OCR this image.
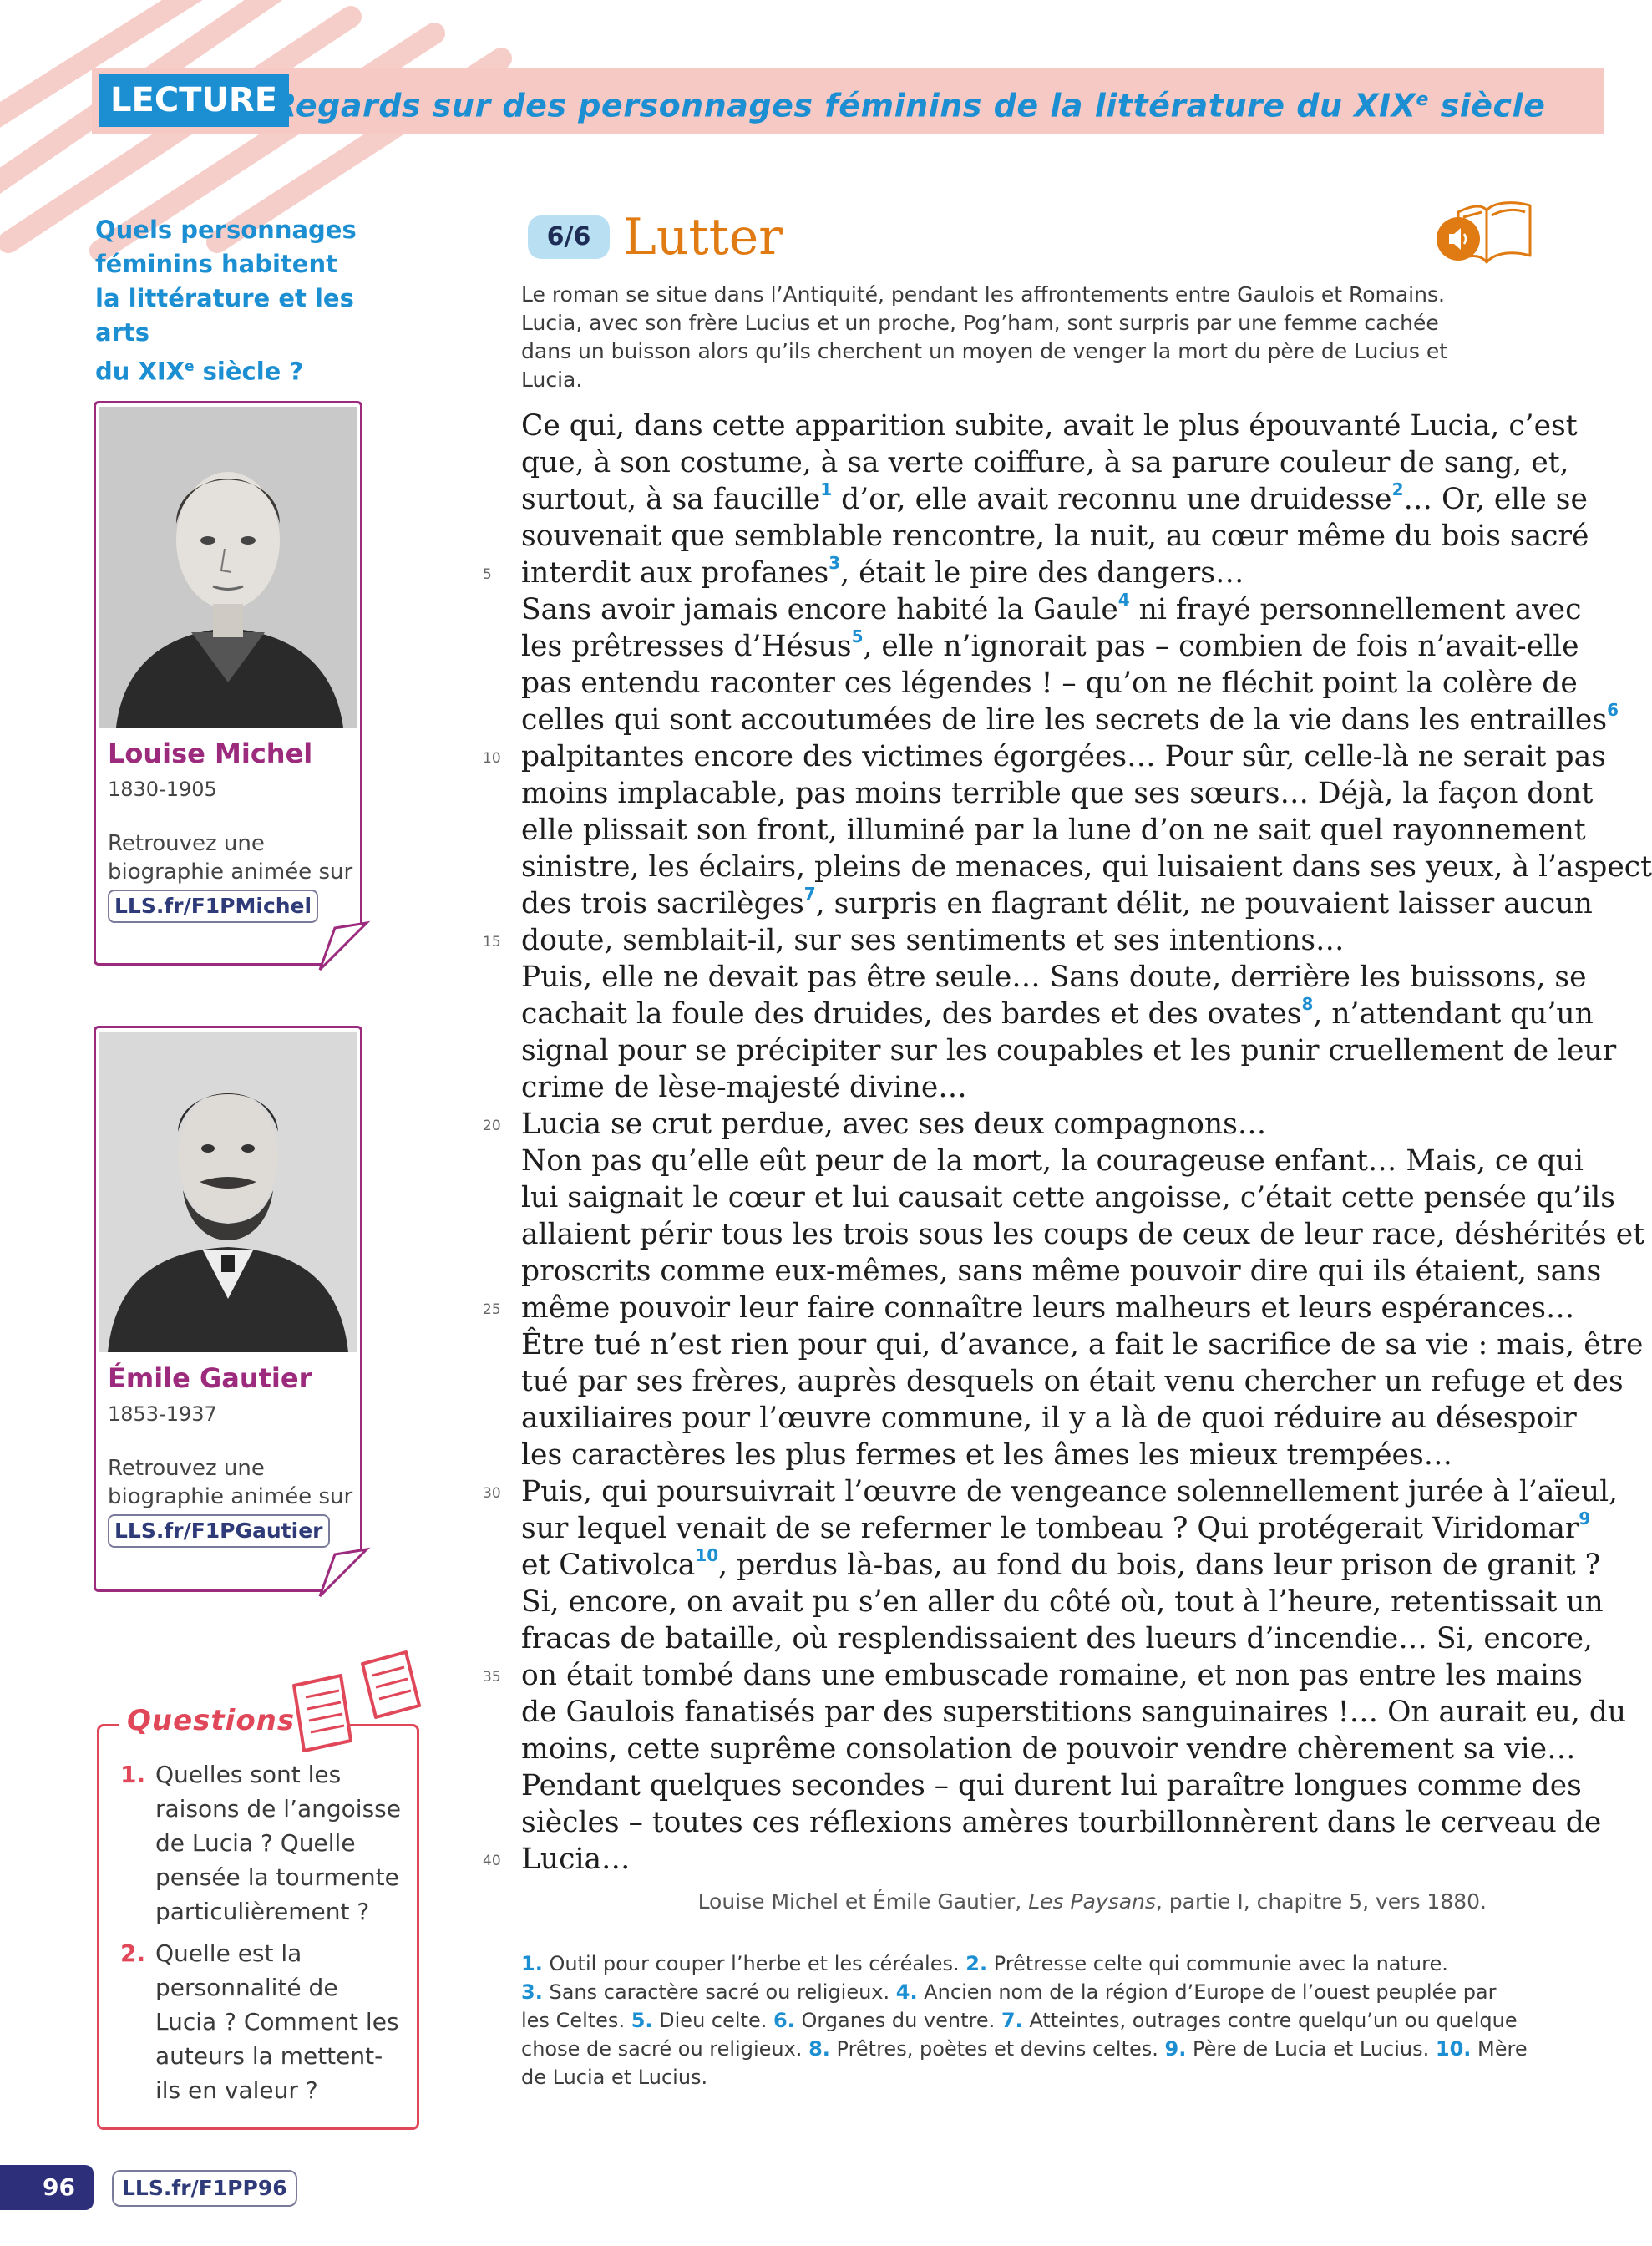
LECTURE
Regards sur des personnages féminins de la littérature du XIXe siècle
Quels personnages
féminins habitent
la littérature et les arts
du XIXe siècle ?
Louise Michel
1830-1905
Retrouvez une biographie animée sur
LLS.fr/F1PMichel
Émile Gautier
1853-1937
Retrouvez une biographie animée sur
LLS.fr/F1PGautier
Questions
1. Quelles sont les raisons de l’angoisse de Lucia ? Quelle pensée la tourmente particulièrement ?
2. Quelle est la personnalité de Lucia ? Comment les auteurs la mettent-ils en valeur ?
6/6 Lutter
Le roman se situe dans l’Antiquité, pendant les affrontements entre Gaulois et Romains. Lucia, avec son frère Lucius et un proche, Pog’ham, sont surpris par une femme cachée dans un buisson alors qu’ils cherchent un moyen de venger la mort du père de Lucius et Lucia.
Ce qui, dans cette apparition subite, avait le plus épouvanté Lucia, c’est
que, à son costume, à sa verte coiffure, à sa parure couleur de sang, et,
surtout, à sa faucille$^1$ d’or, elle avait reconnu une druidesse$^2$… Or, elle se
souvenait que semblable rencontre, la nuit, au cœur même du bois sacré
interdit aux profanes$^3$, était le pire des dangers…
Sans avoir jamais encore habité la Gaule$^4$ ni frayé personnellement avec
les prêtresses d’Hésus$^5$, elle n’ignorait pas – combien de fois n’avait-elle
pas entendu raconter ces légendes ! – qu’on ne fléchit point la colère de
celles qui sont accoutumées de lire les secrets de la vie dans les entrailles$^6$
palpitantes encore des victimes égorgées… Pour sûr, celle-là ne serait pas
moins implacable, pas moins terrible que ses sœurs… Déjà, la façon dont
elle plissait son front, illuminé par la lune d’on ne sait quel rayonnement
sinistre, les éclairs, pleins de menaces, qui luisaient dans ses yeux, à l’aspect
des trois sacrilèges$^7$, surpris en flagrant délit, ne pouvaient laisser aucun
doute, semblait-il, sur ses sentiments et ses intentions…
Puis, elle ne devait pas être seule… Sans doute, derrière les buissons, se
cachait la foule des druides, des bardes et des ovates$^8$, n’attendant qu’un
signal pour se précipiter sur les coupables et les punir cruellement de leur
crime de lèse-majesté divine…
Lucia se crut perdue, avec ses deux compagnons…
Non pas qu’elle eût peur de la mort, la courageuse enfant… Mais, ce qui
lui saignait le cœur et lui causait cette angoisse, c’était cette pensée qu’ils
allaient périr tous les trois sous les coups de ceux de leur race, déshérités et
proscrits comme eux-mêmes, sans même pouvoir dire qui ils étaient, sans
même pouvoir leur faire connaître leurs malheurs et leurs espérances…
Être tué n’est rien pour qui, d’avance, a fait le sacrifice de sa vie : mais, être
tué par ses frères, auprès desquels on était venu chercher un refuge et des
auxiliaires pour l’œuvre commune, il y a là de quoi réduire au désespoir
les caractères les plus fermes et les âmes les mieux trempées…
Puis, qui poursuivrait l’œuvre de vengeance solennellement jurée à l’aïeul,
sur lequel venait de se refermer le tombeau ? Qui protégerait Viridomar$^9$
et Cativolca$^{10}$, perdus là-bas, au fond du bois, dans leur prison de granit ?
Si, encore, on avait pu s’en aller du côté où, tout à l’heure, retentissait un
fracas de bataille, où resplendissaient des lueurs d’incendie… Si, encore,
on était tombé dans une embuscade romaine, et non pas entre les mains
de Gaulois fanatisés par des superstitions sanguinaires !… On aurait eu, du
moins, cette suprême consolation de pouvoir vendre chèrement sa vie…
Pendant quelques secondes – qui durent lui paraître longues comme des
siècles – toutes ces réflexions amères tourbillonnèrent dans le cerveau de
Lucia…
5
10
15
20
25
30
35
40
Louise Michel et Émile Gautier, Les Paysans, partie I, chapitre 5, vers 1880.
1. Outil pour couper l’herbe et les céréales. 2. Prêtresse celte qui communie avec la nature.
3. Sans caractère sacré ou religieux. 4. Ancien nom de la région d’Europe de l’ouest peuplée par
les Celtes. 5. Dieu celte. 6. Organes du ventre. 7. Atteintes, outrages contre quelqu’un ou quelque
chose de sacré ou religieux. 8. Prêtres, poètes et devins celtes. 9. Père de Lucia et Lucius. 10. Mère
de Lucia et Lucius.
96	LLS.fr/F1PP96
